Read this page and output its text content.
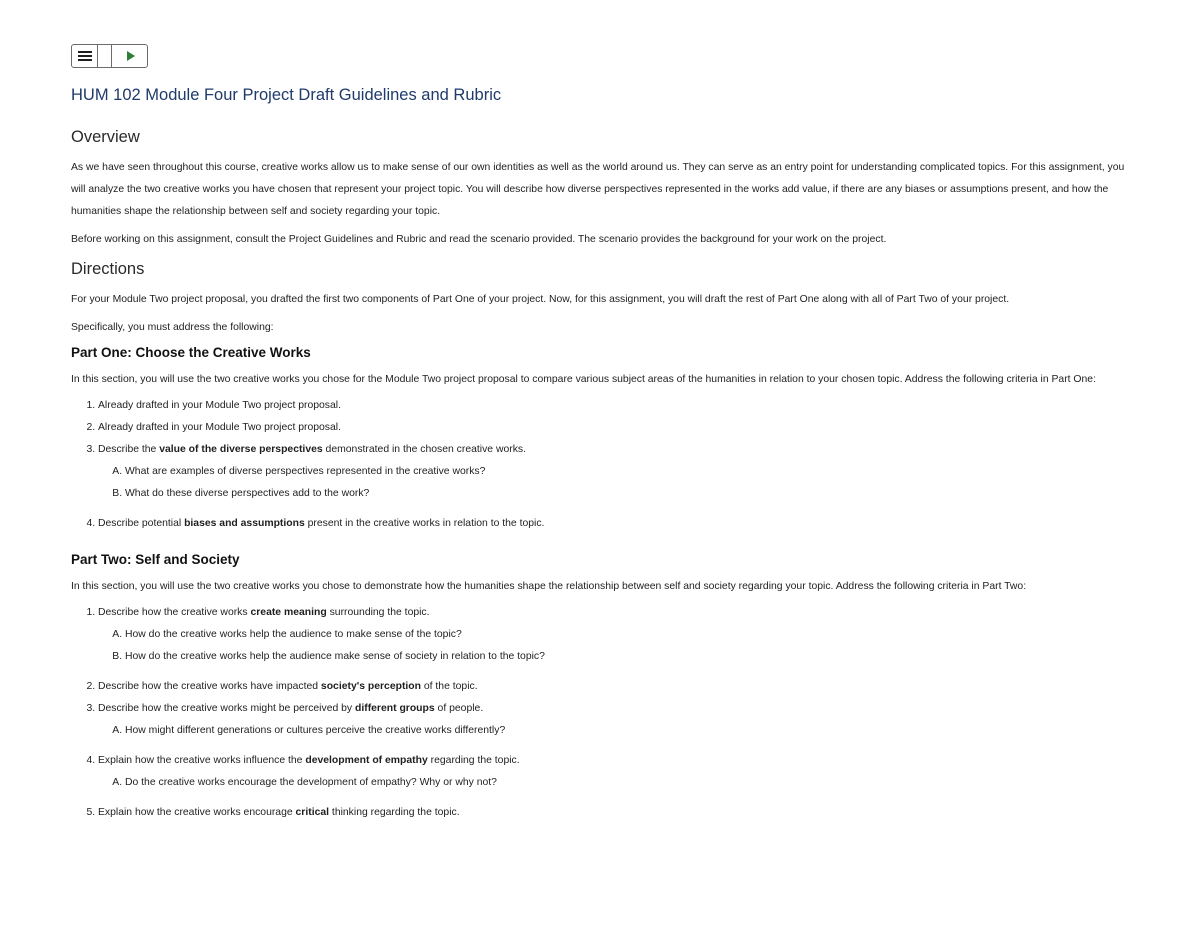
HUM 102 Module Four Project Draft Guidelines and Rubric
Overview

As we have seen throughout this course, creative works allow us to make sense of our own identities as well as the world around us. They can serve as an entry point for understanding complicated topics. For this assignment, you will analyze the two creative works you have chosen that represent your project topic. You will describe how diverse perspectives represented in the works add value, if there are any biases or assumptions present, and how the humanities shape the relationship between self and society regarding your topic.

Before working on this assignment, consult the Project Guidelines and Rubric and read the scenario provided. The scenario provides the background for your work on the project.

Directions

For your Module Two project proposal, you drafted the first two components of Part One of your project. Now, for this assignment, you will draft the rest of Part One along with all of Part Two of your project.

Specifically, you must address the following:

Part One: Choose the Creative Works

In this section, you will use the two creative works you chose for the Module Two project proposal to compare various subject areas of the humanities in relation to your chosen topic. Address the following criteria in Part One:

1. Already drafted in your Module Two project proposal.
2. Already drafted in your Module Two project proposal.
3. Describe the value of the diverse perspectives demonstrated in the chosen creative works.
A. What are examples of diverse perspectives represented in the creative works?
B. What do these diverse perspectives add to the work?
4. Describe potential biases and assumptions present in the creative works in relation to the topic.
Part Two: Self and Society

In this section, you will use the two creative works you chose to demonstrate how the humanities shape the relationship between self and society regarding your topic. Address the following criteria in Part Two:

1. Describe how the creative works create meaning surrounding the topic.
A. How do the creative works help the audience to make sense of the topic?
B. How do the creative works help the audience make sense of society in relation to the topic?
2. Describe how the creative works have impacted society's perception of the topic.
3. Describe how the creative works might be perceived by different groups of people.
A. How might different generations or cultures perceive the creative works differently?
4. Explain how the creative works influence the development of empathy regarding the topic.
A. Do the creative works encourage the development of empathy? Why or why not?
5. Explain how the creative works encourage critical thinking regarding the topic.
